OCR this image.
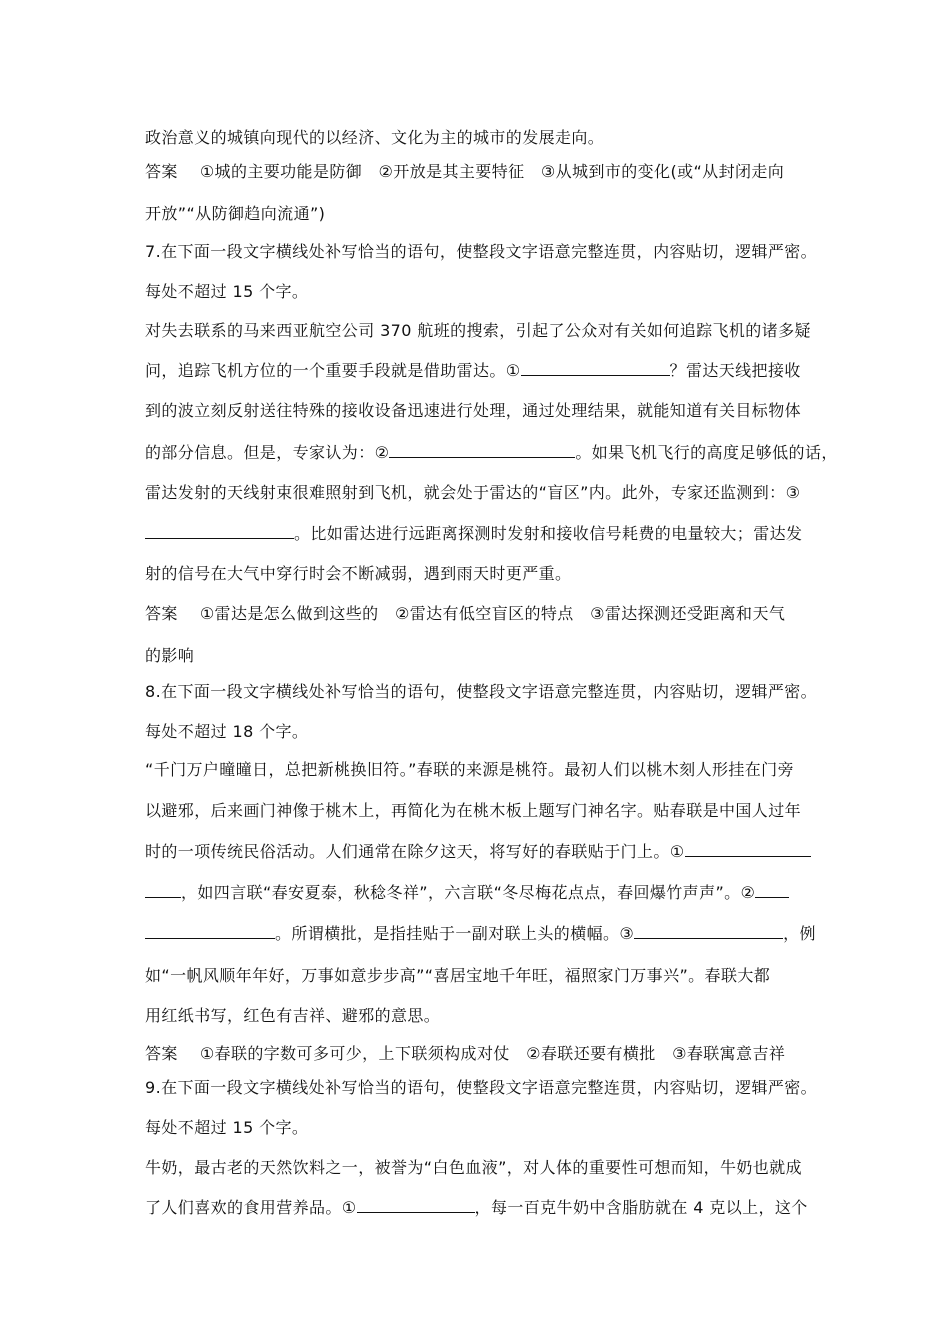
政治意义的城镇向现代的以经济、文化为主的城市的发展走向。
答案 ①城的主要功能是防御　②开放是其主要特征　③从城到市的变化(或“从封闭走向
开放”“从防御趋向流通”)
7.在下面一段文字横线处补写恰当的语句，使整段文字语意完整连贯，内容贴切，逻辑严密。
每处不超过 15 个字。
对失去联系的马来西亚航空公司 370 航班的搜索，引起了公众对有关如何追踪飞机的诸多疑
问，追踪飞机方位的一个重要手段就是借助雷达。①	？雷达天线把接收
到的波立刻反射送往特殊的接收设备迅速进行处理，通过处理结果，就能知道有关目标物体
的部分信息。但是，专家认为：②	。如果飞机飞行的高度足够低的话，
雷达发射的天线射束很难照射到飞机，就会处于雷达的“盲区”内。此外，专家还监测到：③
。比如雷达进行远距离探测时发射和接收信号耗费的电量较大；雷达发
射的信号在大气中穿行时会不断减弱，遇到雨天时更严重。
答案 ①雷达是怎么做到这些的　②雷达有低空盲区的特点　③雷达探测还受距离和天气
的影响
8.在下面一段文字横线处补写恰当的语句，使整段文字语意完整连贯，内容贴切，逻辑严密。
每处不超过 18 个字。
“千门万户曈曈日，总把新桃换旧符。”春联的来源是桃符。最初人们以桃木刻人形挂在门旁
以避邪，后来画门神像于桃木上，再简化为在桃木板上题写门神名字。贴春联是中国人过年
时的一项传统民俗活动。人们通常在除夕这天，将写好的春联贴于门上。①
，如四言联“春安夏泰，秋稔冬祥”，六言联“冬尽梅花点点，春回爆竹声声”。②
。所谓横批，是指挂贴于一副对联上头的横幅。③	，例
如“一帆风顺年年好，万事如意步步高”“喜居宝地千年旺，福照家门万事兴”。春联大都
用红纸书写，红色有吉祥、避邪的意思。
答案 ①春联的字数可多可少，上下联须构成对仗　②春联还要有横批　③春联寓意吉祥
9.在下面一段文字横线处补写恰当的语句，使整段文字语意完整连贯，内容贴切，逻辑严密。
每处不超过 15 个字。
牛奶，最古老的天然饮料之一，被誉为“白色血液”，对人体的重要性可想而知，牛奶也就成
了人们喜欢的食用营养品。①	，每一百克牛奶中含脂肪就在 4 克以上，这个
